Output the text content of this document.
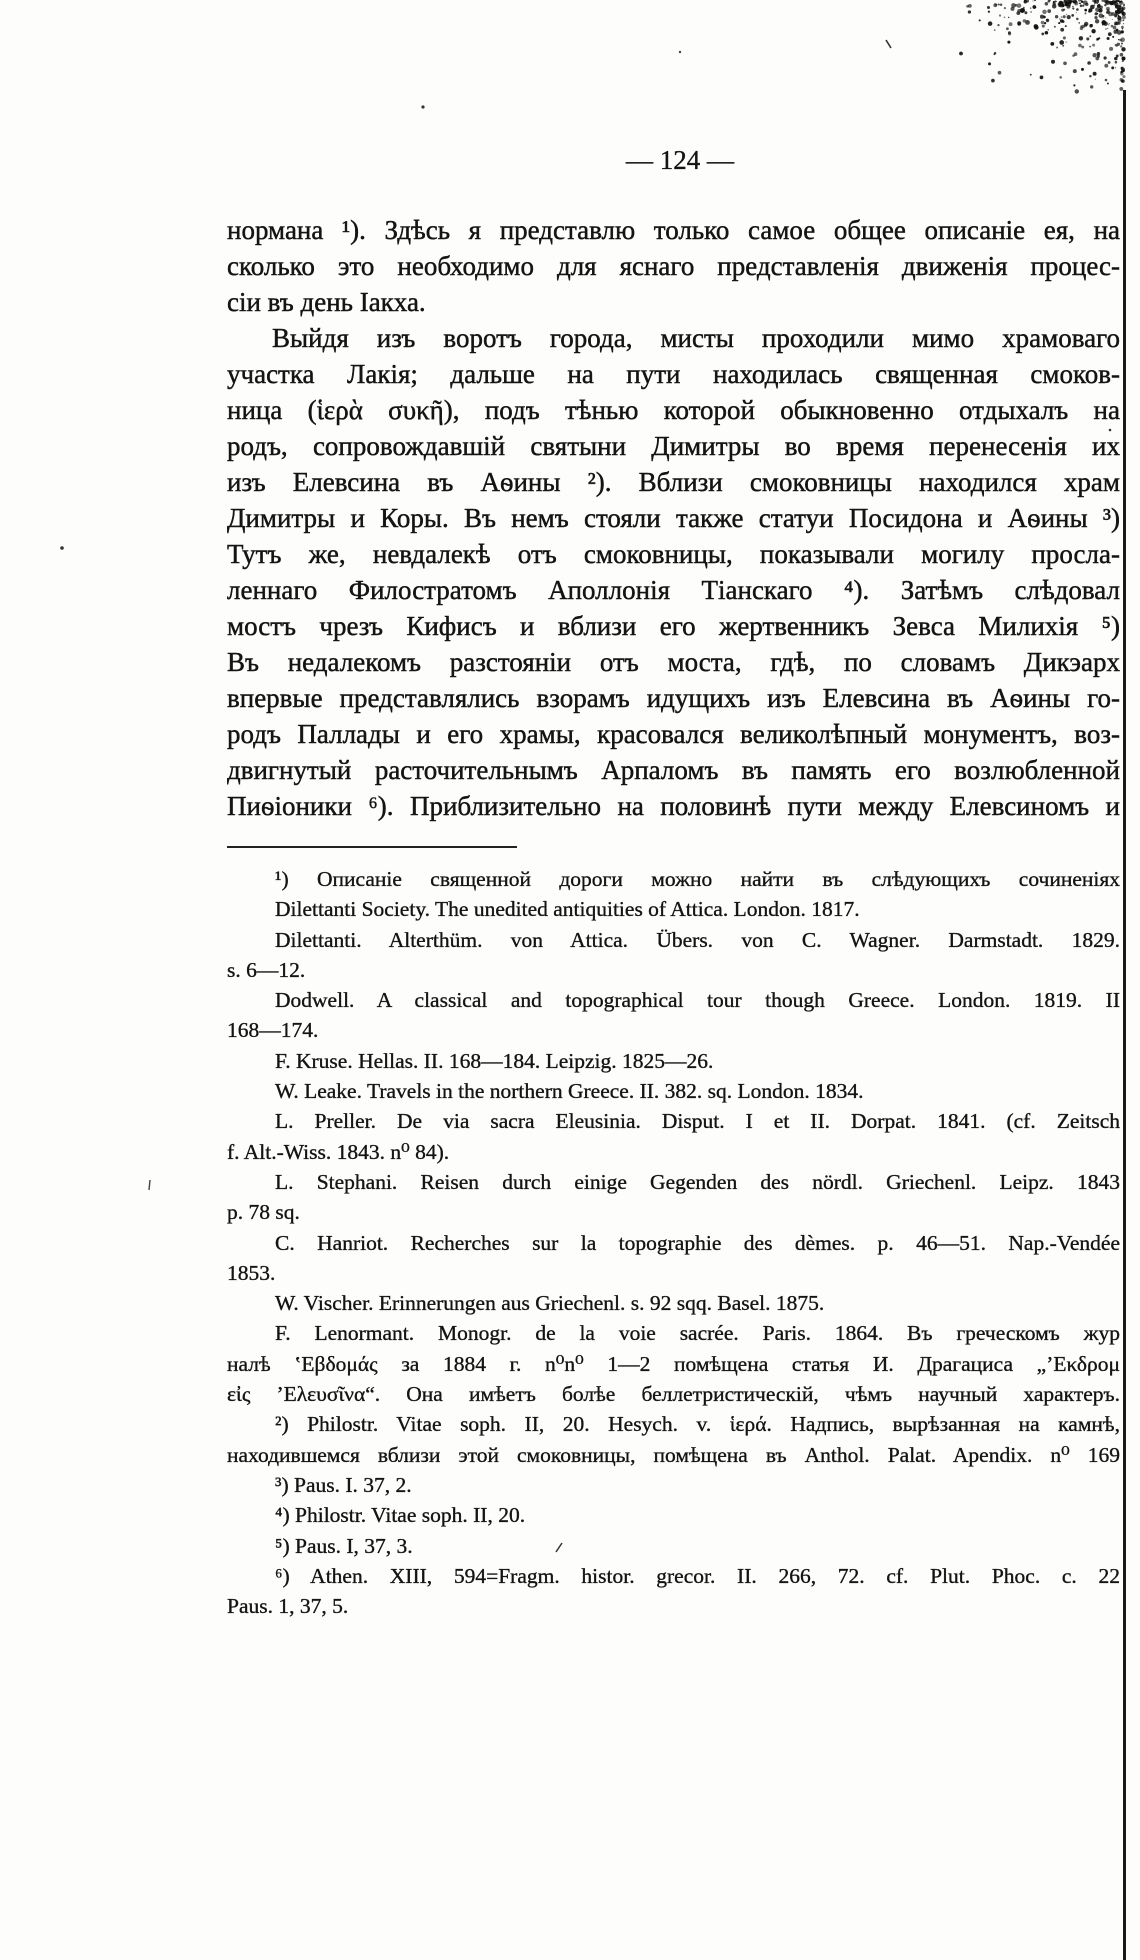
— 124 —
нормана ¹). Здѣсь я представлю только самое общее описаніе ея, на
сколько это необходимо для яснаго представленія движенія процес-
сіи въ день Іакха.
Выйдя изъ воротъ города, мисты проходили мимо храмоваго
участка Лакія; дальше на пути находилась священная смоков-
ница (ἱερὰ συκῆ), подъ тѣнью которой обыкновенно отдыхалъ на
родъ, сопровождавшій святыни Димитры во время перенесенія их
изъ Елевсина въ Аѳины ²). Вблизи смоковницы находился храм
Димитры и Коры. Въ немъ стояли также статуи Посидона и Аѳины ³)
Тутъ же, невдалекѣ отъ смоковницы, показывали могилу просла-
леннаго Филостратомъ Аполлонія Тіанскаго ⁴). Затѣмъ слѣдовал
мостъ чрезъ Кифисъ и вблизи его жертвенникъ Зевса Милихія ⁵)
Въ недалекомъ разстояніи отъ моста, гдѣ, по словамъ Дикэарх
впервые представлялись взорамъ идущихъ изъ Елевсина въ Аѳины го-
родъ Паллады и его храмы, красовался великолѣпный монументъ, воз-
двигнутый расточительнымъ Арпаломъ въ память его возлюбленной
Пиѳіоники ⁶). Приблизительно на половинѣ пути между Елевсиномъ и
¹) Описаніе священной дороги можно найти въ слѣдующихъ сочиненіях
Dilettanti Society. The unedited antiquities of Attica. London. 1817.
Dilettanti. Alterthüm. von Attica. Übers. von C. Wagner. Darmstadt. 1829.
s. 6—12.
Dodwell. A classical and topographical tour though Greece. London. 1819. II
168—174.
F. Kruse. Hellas. II. 168—184. Leipzig. 1825—26.
W. Leake. Travels in the northern Greece. II. 382. sq. London. 1834.
L. Preller. De via sacra Eleusinia. Disput. I et II. Dorpat. 1841. (cf. Zeitsch
f. Alt.-Wiss. 1843. n⁰ 84).
L. Stephani. Reisen durch einige Gegenden des nördl. Griechenl. Leipz. 1843
p. 78 sq.
C. Hanriot. Recherches sur la topographie des dèmes. p. 46—51. Nap.-Vendée
1853.
W. Vischer. Erinnerungen aus Griechenl. s. 92 sqq. Basel. 1875.
F. Lenormant. Monogr. de la voie sacrée. Paris. 1864. Въ греческомъ жур
налѣ ʽΕβδομάς за 1884 г. n⁰n⁰ 1—2 помѣщена статья И. Драгациса „ʼΕκδρομ
εἰς ʼΕλευσῖνα“. Она имѣетъ болѣе беллетристическій, чѣмъ научный характеръ.
²) Philostr. Vitae soph. II, 20. Hesych. v. ἱερά. Надпись, вырѣзанная на камнѣ,
находившемся вблизи этой смоковницы, помѣщена въ Anthol. Palat. Apendix. n⁰ 169
³) Paus. I. 37, 2.
⁴) Philostr. Vitae soph. II, 20.
⁵) Paus. I, 37, 3.
⁶) Athen. XIII, 594=Fragm. histor. grecor. II. 266, 72. cf. Plut. Phoc. c. 22
Paus. 1, 37, 5.
